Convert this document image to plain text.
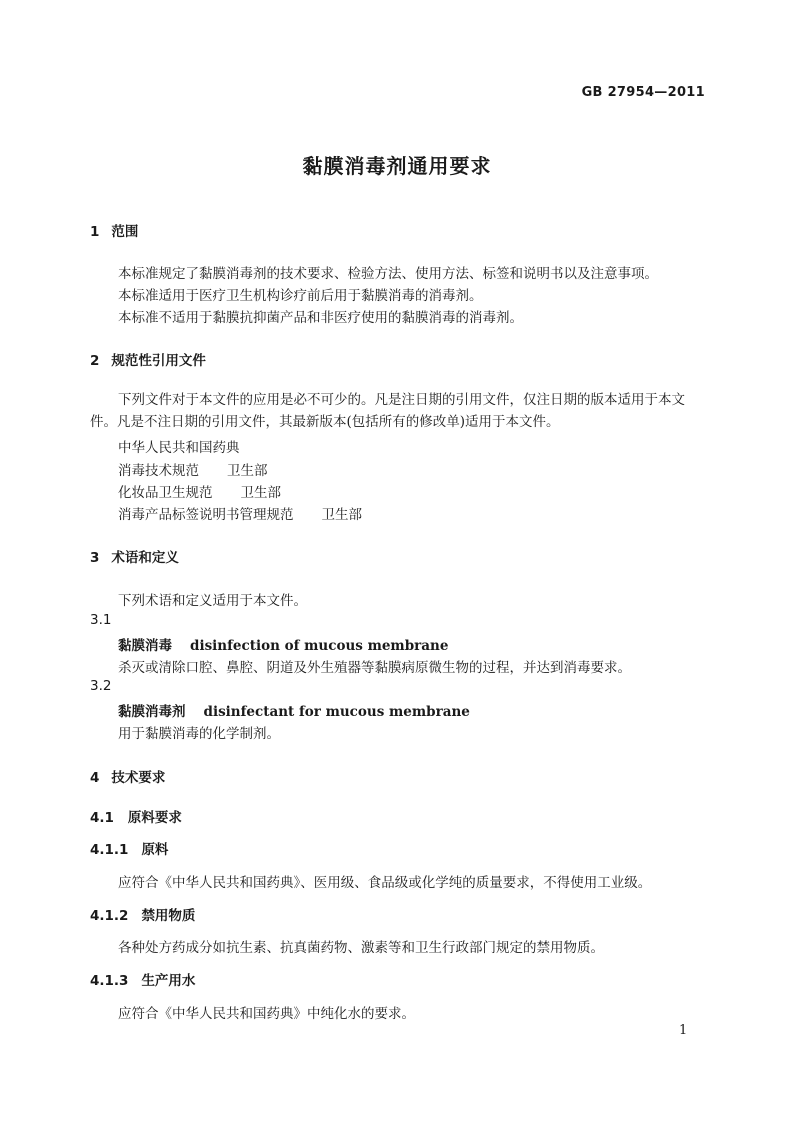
GB 27954—2011
黏膜消毒剂通用要求
1 范围
本标准规定了黏膜消毒剂的技术要求、检验方法、使用方法、标签和说明书以及注意事项。
本标准适用于医疗卫生机构诊疗前后用于黏膜消毒的消毒剂。
本标准不适用于黏膜抗抑菌产品和非医疗使用的黏膜消毒的消毒剂。
2 规范性引用文件
下列文件对于本文件的应用是必不可少的。凡是注日期的引用文件，仅注日期的版本适用于本文件。凡是不注日期的引用文件，其最新版本(包括所有的修改单)适用于本文件。
中华人民共和国药典
消毒技术规范 卫生部
化妆品卫生规范 卫生部
消毒产品标签说明书管理规范 卫生部
3 术语和定义
下列术语和定义适用于本文件。
3.1
黏膜消毒 disinfection of mucous membrane
杀灭或清除口腔、鼻腔、阴道及外生殖器等黏膜病原微生物的过程，并达到消毒要求。
3.2
黏膜消毒剂 disinfectant for mucous membrane
用于黏膜消毒的化学制剂。
4 技术要求
4.1 原料要求
4.1.1 原料
应符合《中华人民共和国药典》、医用级、食品级或化学纯的质量要求，不得使用工业级。
4.1.2 禁用物质
各种处方药成分如抗生素、抗真菌药物、激素等和卫生行政部门规定的禁用物质。
4.1.3 生产用水
应符合《中华人民共和国药典》中纯化水的要求。
1
